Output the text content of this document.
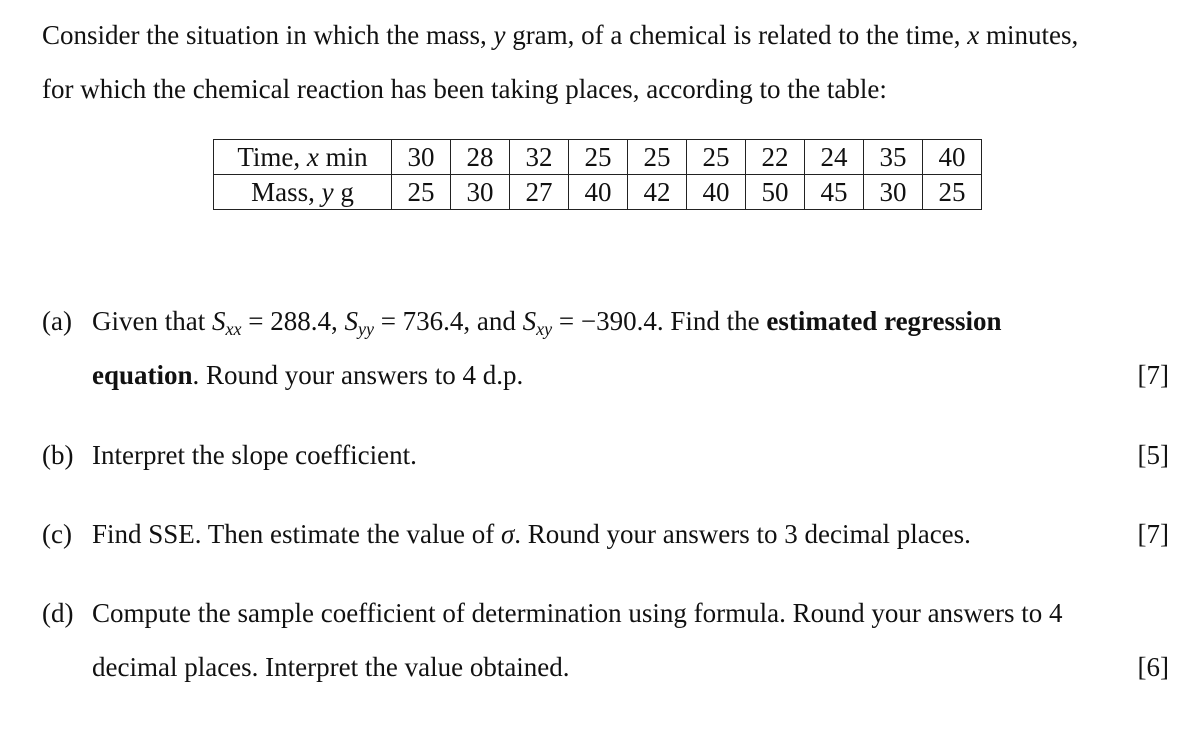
Consider the situation in which the mass, y gram, of a chemical is related to the time, x minutes,
for which the chemical reaction has been taking places, according to the table:
Time, x min	30	28	32	25	25	25	22	24	35	40
Mass, y g	25	30	27	40	42	40	50	45	30	25
(a) Given that $S_{xx} = 288.4$, $S_{yy} = 736.4$, and $S_{xy} = -390.4$. Find the estimated regression
equation. Round your answers to 4 d.p.	[7]
(b) Interpret the slope coefficient.	[5]
(c) Find SSE. Then estimate the value of σ. Round your answers to 3 decimal places.	[7]
(d) Compute the sample coefficient of determination using formula. Round your answers to 4
decimal places. Interpret the value obtained.	[6]
